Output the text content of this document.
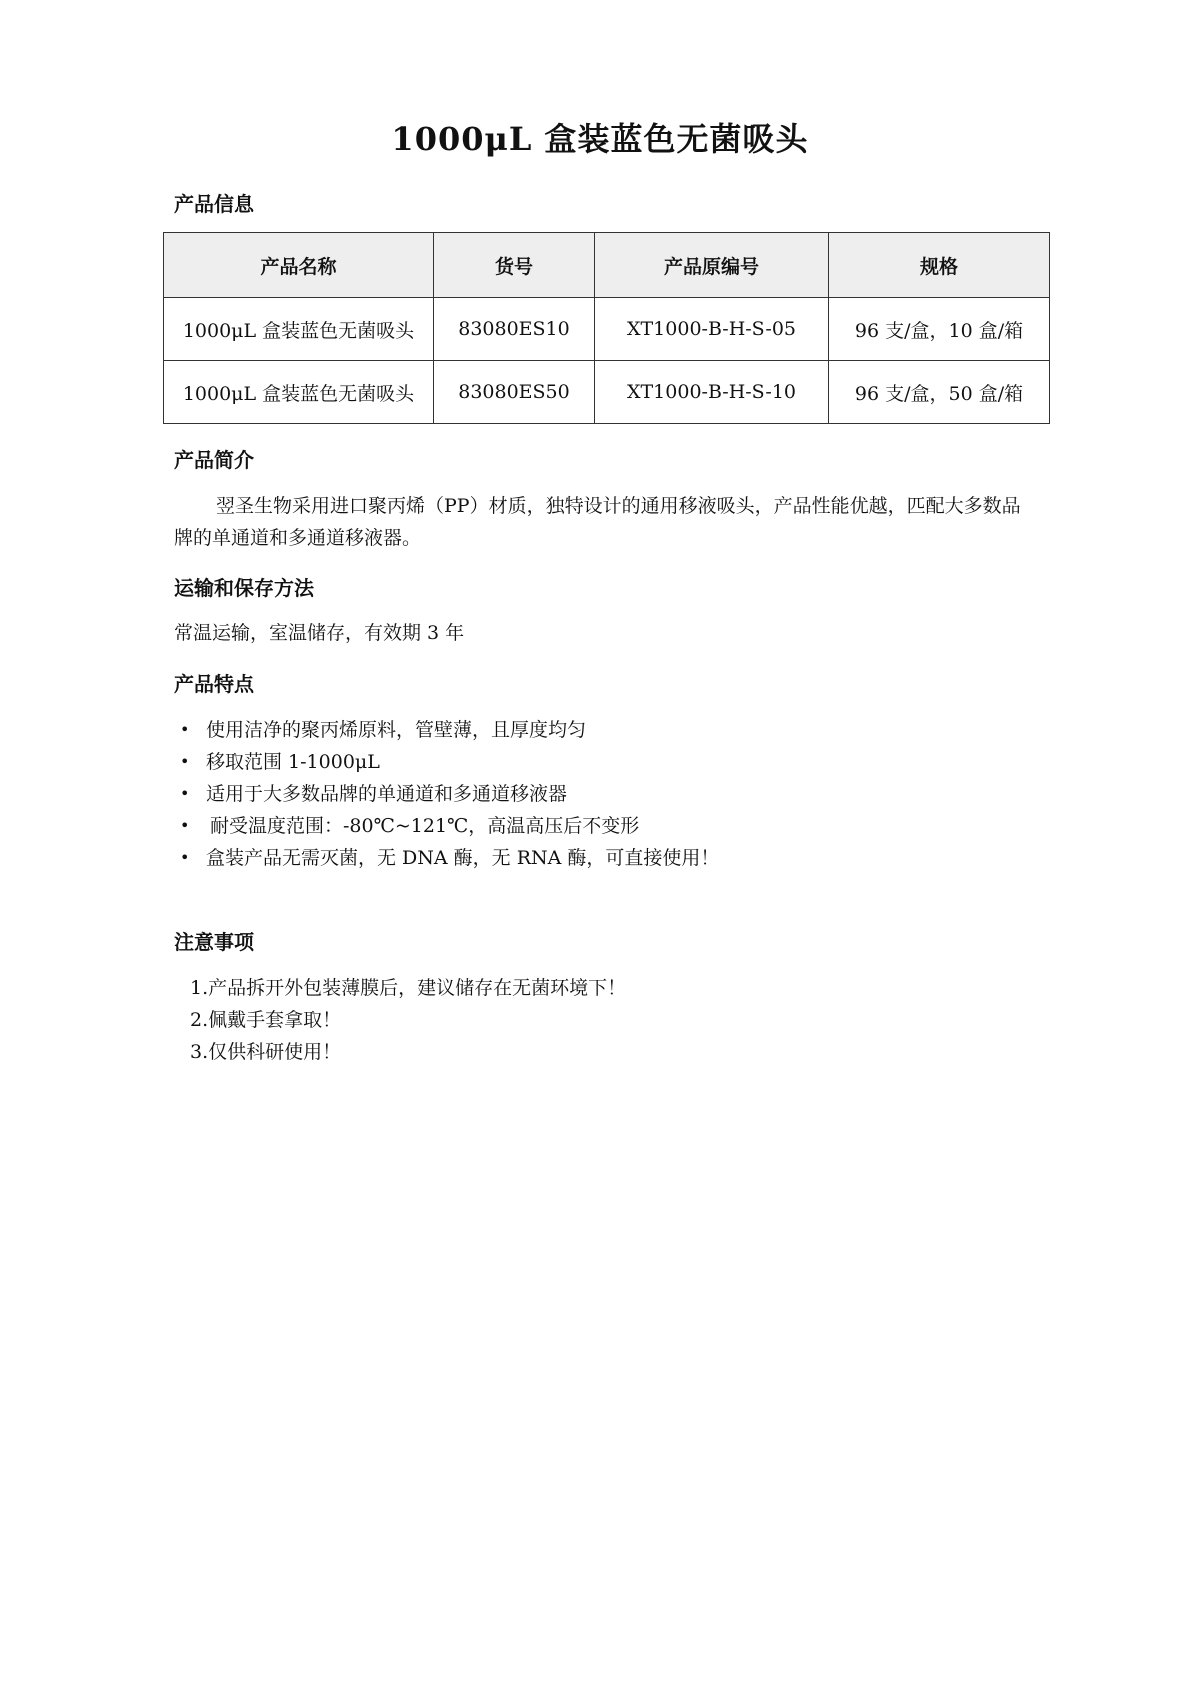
1000μL 盒装蓝色无菌吸头
产品信息
产品名称	货号	产品原编号	规格
1000μL 盒装蓝色无菌吸头	83080ES10	XT1000-B-H-S-05	96 支/盒，10 盒/箱
1000μL 盒装蓝色无菌吸头	83080ES50	XT1000-B-H-S-10	96 支/盒，50 盒/箱
产品简介
翌圣生物采用进口聚丙烯（PP）材质，独特设计的通用移液吸头，产品性能优越，匹配大多数品牌的单通道和多通道移液器。
运输和保存方法
常温运输，室温储存，有效期 3 年
产品特点
• 使用洁净的聚丙烯原料，管壁薄，且厚度均匀
• 移取范围 1-1000μL
• 适用于大多数品牌的单通道和多通道移液器
•	耐受温度范围：-80℃~121℃，高温高压后不变形
• 盒装产品无需灭菌，无 DNA 酶，无 RNA 酶，可直接使用！
注意事项
1.产品拆开外包装薄膜后，建议储存在无菌环境下！
2.佩戴手套拿取！
3.仅供科研使用！
